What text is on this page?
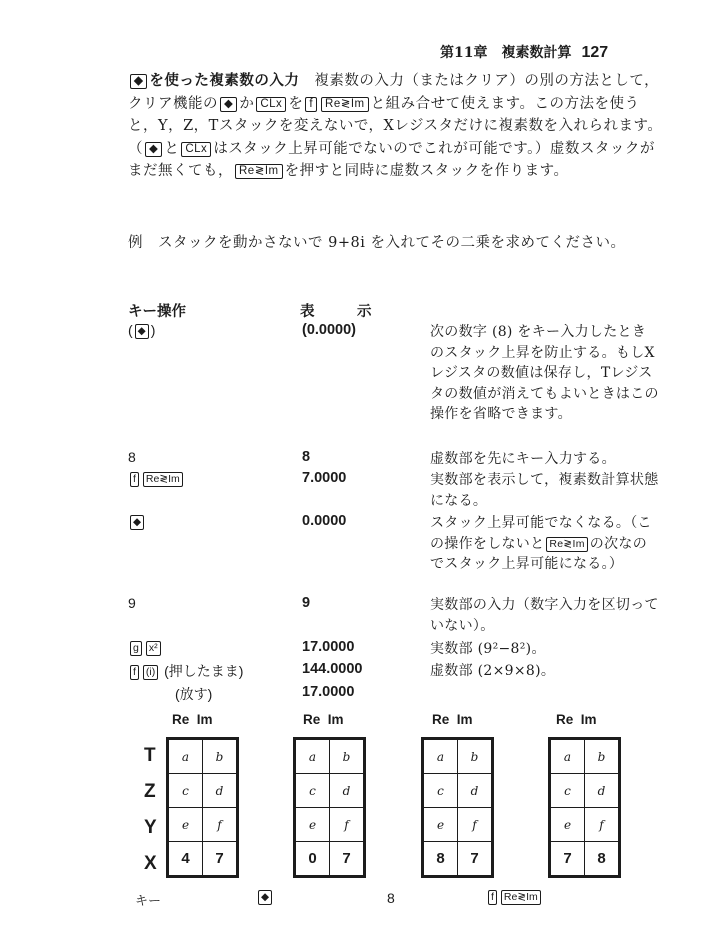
第11章　複素数計算 127
◆ を使った複素数の入力　複素数の入力（またはクリア）の別の方法として，クリア機能の ◆ か CLx を f Re≷Im と組み合せて使えます。この方法を使うと，Y，Z，Tスタックを変えないで，Xレジスタだけに複素数を入れられます。（ ◆ と CLx はスタック上昇可能でないのでこれが可能です。）虚数スタックがまだ無くても， Re≷Im を押すと同時に虚数スタックを作ります。
例　スタックを動かさないで 9+8i を入れてその二乗を求めてください。
キー操作	表　示
( ◆ )	(0.0000)	次の数字 (8) をキー入力したときのスタック上昇を防止する。もしXレジスタの数値は保存し，Tレジスタの数値が消えてもよいときはこの操作を省略できます。
8	8	虚数部を先にキー入力する。
f Re≷Im	7.0000	実数部を表示して，複素数計算状態になる。
◆	0.0000	スタック上昇可能でなくなる。（この操作をしないと Re≷Im の次なのでスタック上昇可能になる。）
9	9	実数部の入力（数字入力を区切っていない）。
g x²	17.0000	実数部 (9²−8²)。
f (i) (押したまま)	144.0000	虚数部 (2×9×8)。
(放す)	17.0000
Re Im	Re Im	Re Im	Re Im
T
Z
Y
X
a	b
c	d
e	f
4	7
a	b
c	d
e	f
0	7
a	b
c	d
e	f
8	7
a	b
c	d
e	f
7	8
キー	◆	8	f Re≷Im
